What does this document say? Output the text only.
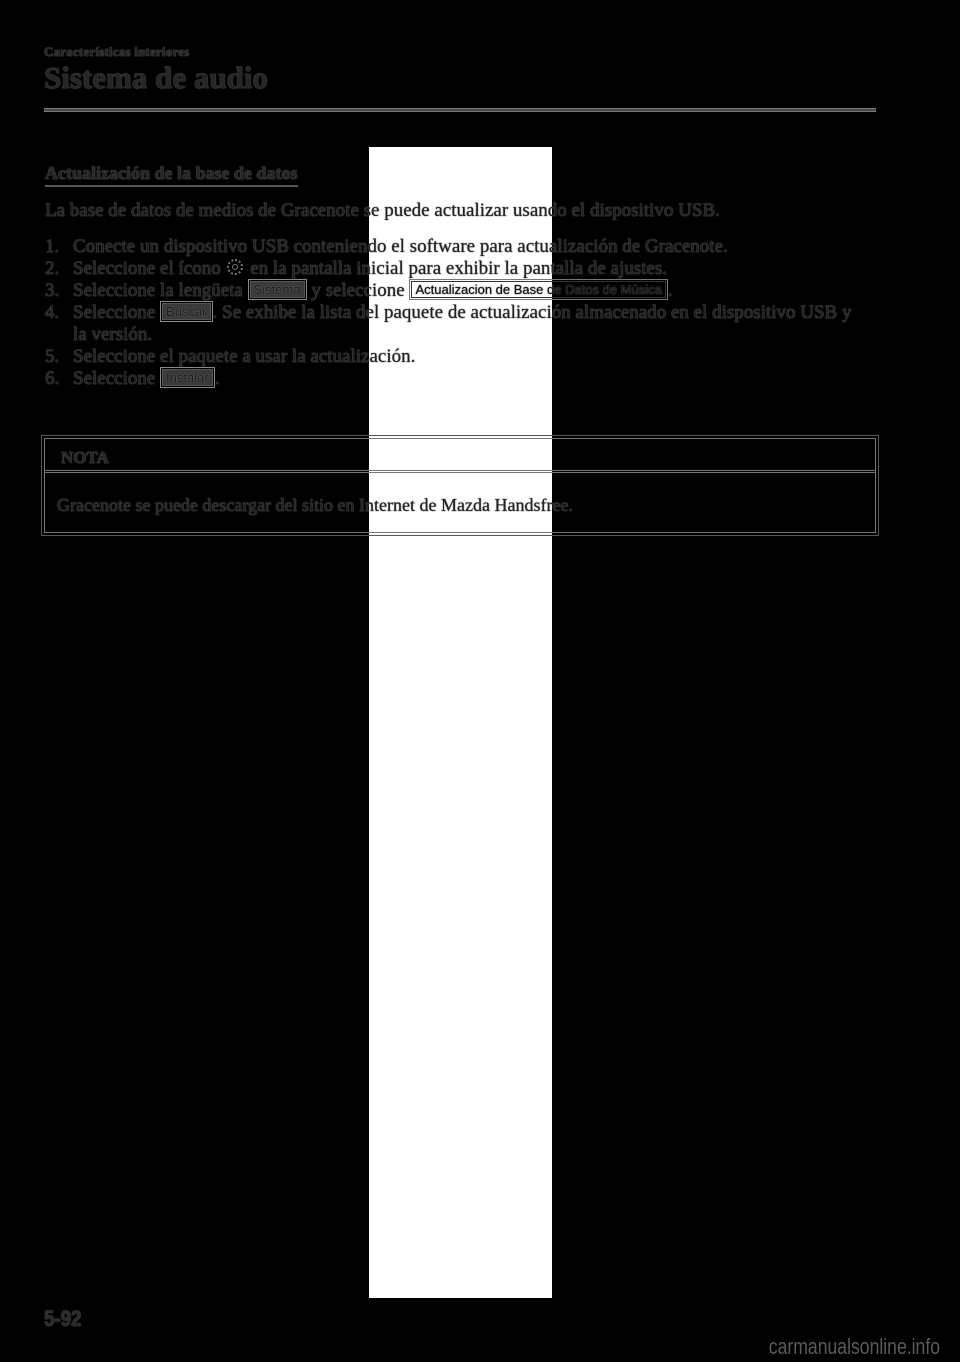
Características interiores
Sistema de audio
Actualización de la base de datos
La base de datos de medios de Gracenote se puede actualizar usando el dispositivo USB.
1. Conecte un dispositivo USB conteniendo el software para actualización de Gracenote.
2. Seleccione el ícono en la pantalla inicial para exhibir la pantalla de ajustes.
3. Seleccione la lengüeta Sistema y seleccione Actualizacion de Base de Datos de Música .
4. Seleccione Buscar . Se exhibe la lista del paquete de actualización almacenado en el dispositivo USB y la versión.
5. Seleccione el paquete a usar la actualización.
6. Seleccione Instalar .
NOTA
Gracenote se puede descargar del sitio en Internet de Mazda Handsfree.
5-92
carmanualsonline.info
